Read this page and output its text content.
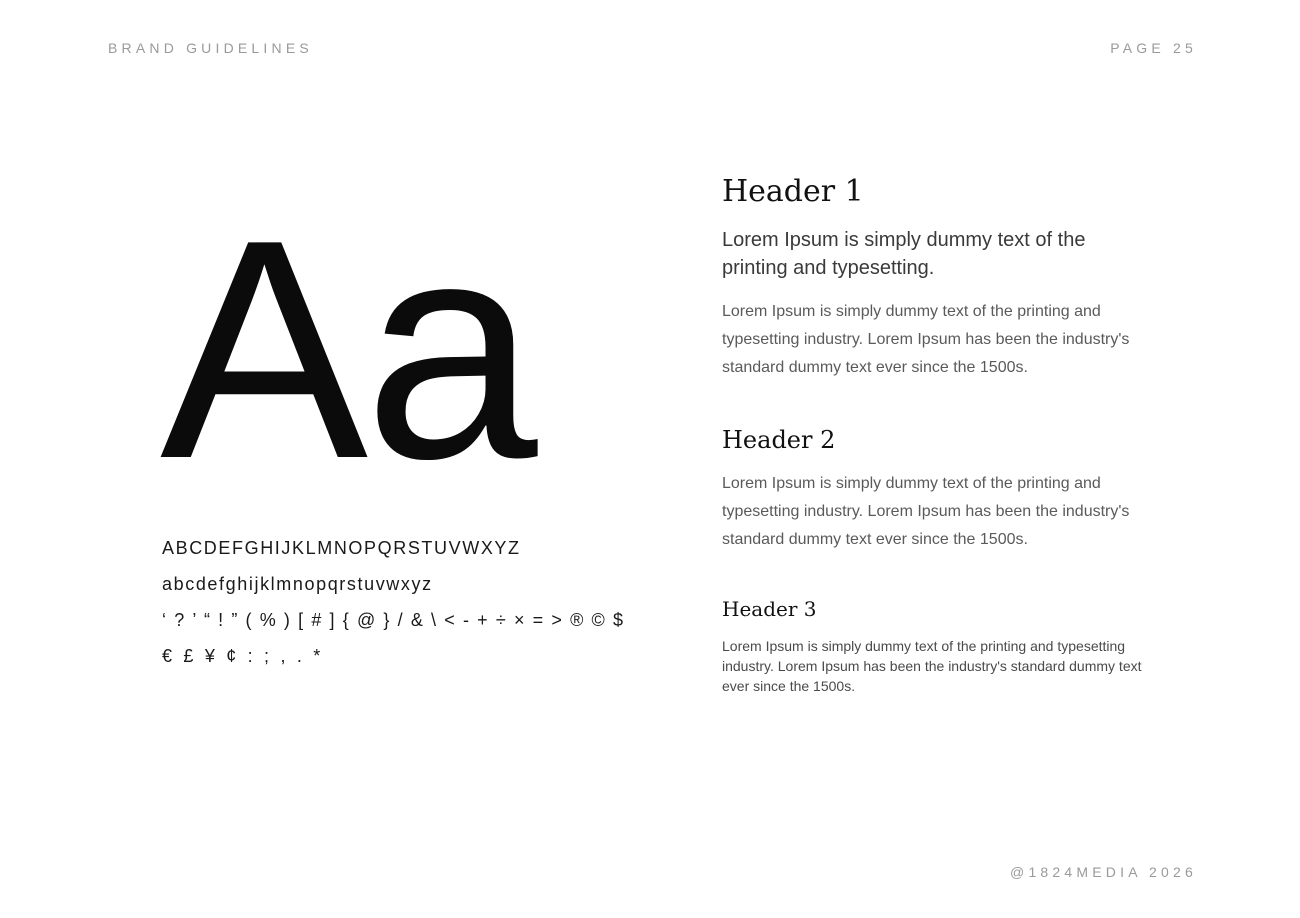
BRAND GUIDELINES	PAGE 25
Aa
ABCDEFGHIJKLMNOPQRSTUVWXYZ
abcdefghijklmnopqrstuvwxyz
‘ ? ’ “ ! ” ( % ) [ # ] { @ } / & \ < - + ÷ × = > ® © $
€ £ ¥ ¢ : ; , . *
Header 1

Lorem Ipsum is simply dummy text of the printing and typesetting.

Lorem Ipsum is simply dummy text of the printing and typesetting industry. Lorem Ipsum has been the industry's standard dummy text ever since the 1500s.

Header 2

Lorem Ipsum is simply dummy text of the printing and typesetting industry. Lorem Ipsum has been the industry's standard dummy text ever since the 1500s.

Header 3

Lorem Ipsum is simply dummy text of the printing and typesetting industry. Lorem Ipsum has been the industry's standard dummy text ever since the 1500s.

@1824MEDIA 2026
